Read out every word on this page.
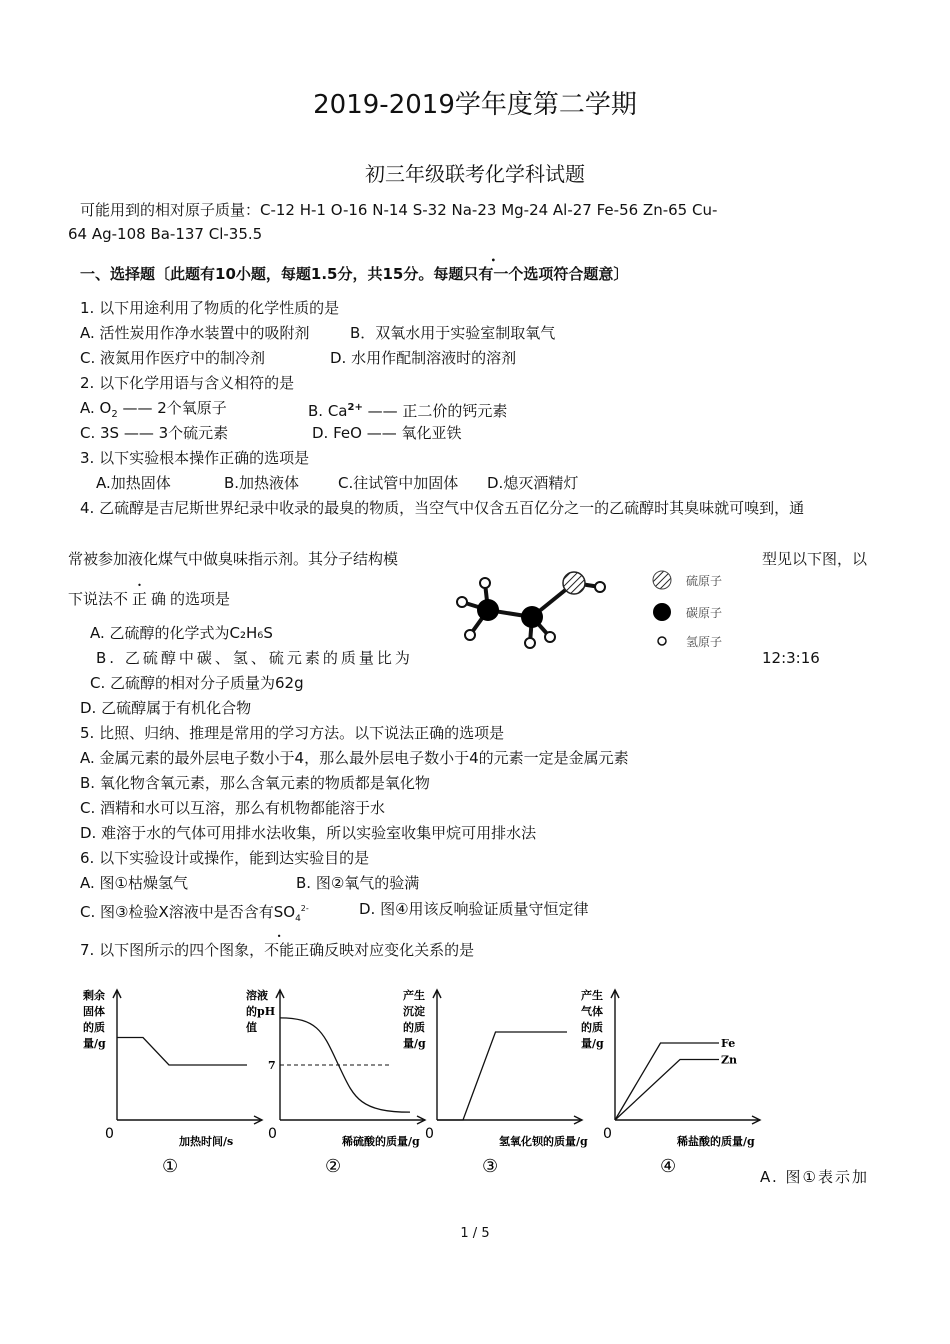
2019-2019学年度第二学期
初三年级联考化学科试题
可能用到的相对原子质量：C-12 H-1 O-16 N-14 S-32 Na-23 Mg-24 Al-27 Fe-56 Zn-65 Cu-
64 Ag-108 Ba-137 Cl-35.5
一、选择题〔此题有10小题，每题1.5分，共15分。每题只有一个选项符合题意〕
1. 以下用途利用了物质的化学性质的是
A. 活性炭用作净水装置中的吸附剂	B．双氧水用于实验室制取氧气
C. 液氮用作医疗中的制冷剂	D. 水用作配制溶液时的溶剂
2. 以下化学用语与含义相符的是
A. $O_2$ —— 2个氧原子	B. $Ca^{2+}$ —— 正二价的钙元素
C. 3S —— 3个硫元素	D. FeO —— 氧化亚铁
3. 以下实验根本操作正确的选项是
A.加热固体	B.加热液体	C.往试管中加固体 D.熄灭酒精灯
4. 乙硫醇是吉尼斯世界纪录中收录的最臭的物质，当空气中仅含五百亿分之一的乙硫醇时其臭味就可嗅到，通
常被参加液化煤气中做臭味指示剂。其分子结构模	型见以下图，以
下说法不正确的选项是
A. 乙硫醇的化学式为C₂H₆S
B. 乙硫醇中碳、氢、硫元素的质量比为	12:3:16
C. 乙硫醇的相对分子质量为62g
D. 乙硫醇属于有机化合物
硫原子
碳原子
氢原子
5. 比照、归纳、推理是常用的学习方法。以下说法正确的选项是
A. 金属元素的最外层电子数小于4，那么最外层电子数小于4的元素一定是金属元素
B. 氧化物含氧元素，那么含氧元素的物质都是氧化物
C. 酒精和水可以互溶，那么有机物都能溶于水
D. 难溶于水的气体可用排水法收集，所以实验室收集甲烷可用排水法
6. 以下实验设计或操作，能到达实验目的是
A. 图①枯燥氢气	B. 图②氧气的验满
C. 图③检验X溶液中是否含有$SO_4^{2-}$	D. 图④用该反响验证质量守恒定律
7. 以下图所示的四个图象，不能正确反映对应变化关系的是
剩余
固体
的质
量/g
0	加热时间/s
①
溶液
的pH
值
0	稀硫酸的质量/g
②
7
产生
沉淀
的质
量/g
0	氢氧化钡的质量/g
③
产生
气体
的质
量/g
0	稀盐酸的质量/g
④
Fe
Zn
A. 图①表示加
1 / 5
